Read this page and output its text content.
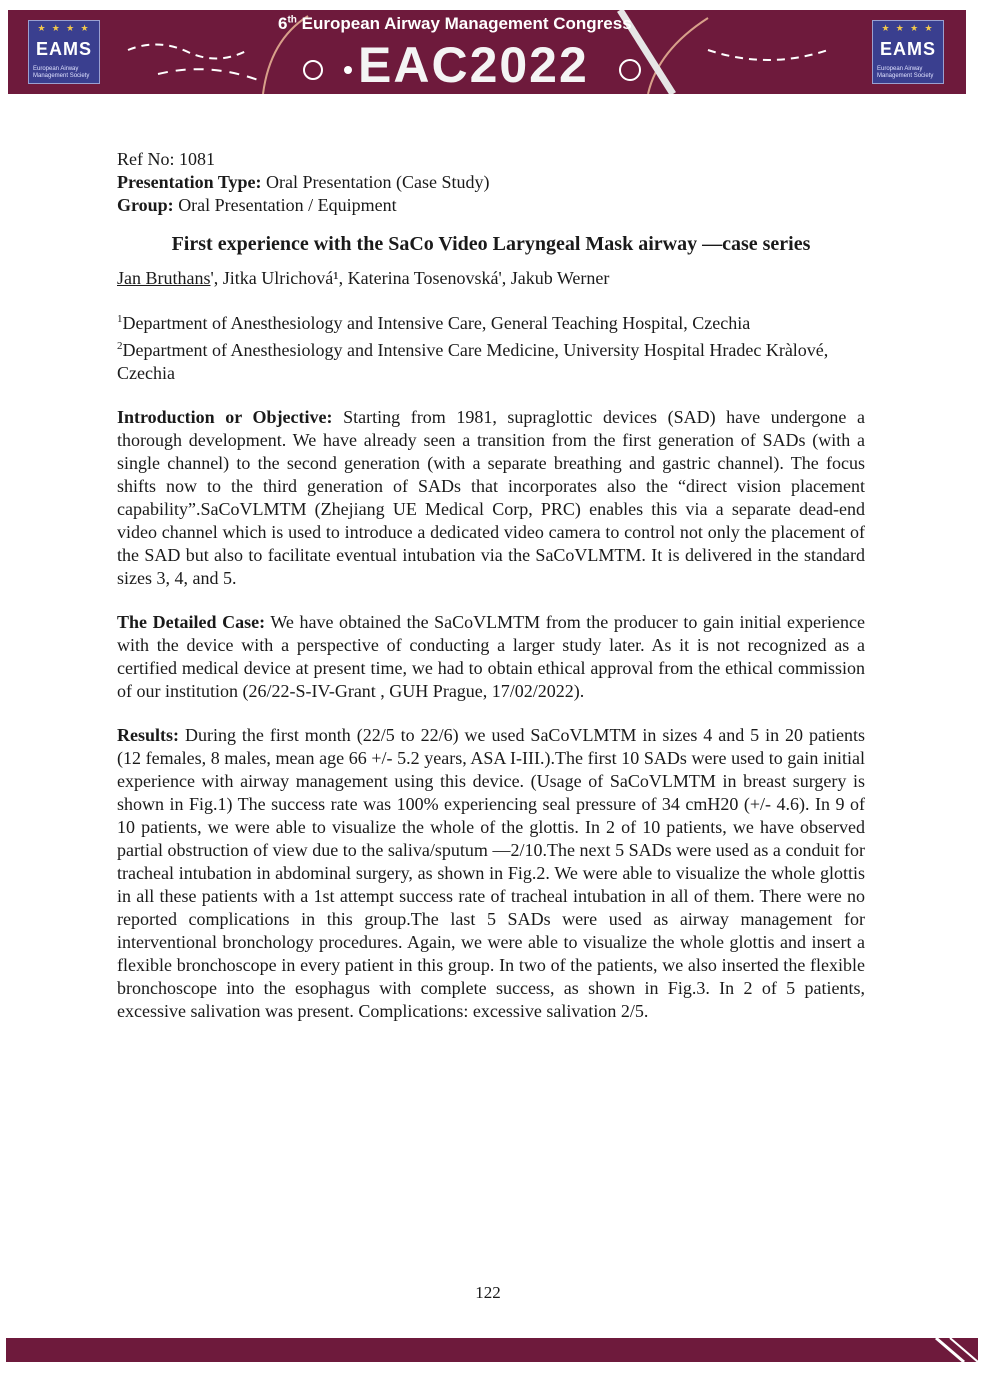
★ ★ ★ ★
EAMS
European Airway Management Society
6th European Airway Management Congress
EAC2022
★ ★ ★ ★
EAMS
European Airway Management Society

Ref No: 1081

Presentation Type: Oral Presentation (Case Study)

Group: Oral Presentation / Equipment

First experience with the SaCo Video Laryngeal Mask airway —case series

Jan Bruthans', Jitka Ulrichová¹, Katerina Tosenovská', Jakub Werner

$^1$Department of Anesthesiology and Intensive Care, General Teaching Hospital, Czechia

$^2$Department of Anesthesiology and Intensive Care Medicine, University Hospital Hradec Kràlové, Czechia

Introduction or Objective: Starting from 1981, supraglottic devices (SAD) have undergone a thorough development. We have already seen a transition from the first generation of SADs (with a single channel) to the second generation (with a separate breathing and gastric channel). The focus shifts now to the third generation of SADs that incorporates also the “direct vision placement capability”.SaCoVLMTM (Zhejiang UE Medical Corp, PRC) enables this via a separate dead-end video channel which is used to introduce a dedicated video camera to control not only the placement of the SAD but also to facilitate eventual intubation via the SaCoVLMTM. It is delivered in the standard sizes 3, 4, and 5.

The Detailed Case: We have obtained the SaCoVLMTM from the producer to gain initial experience with the device with a perspective of conducting a larger study later. As it is not recognized as a certified medical device at present time, we had to obtain ethical approval from the ethical commission of our institution (26/22-S-IV-Grant , GUH Prague, 17/02/2022).

Results: During the first month (22/5 to 22/6) we used SaCoVLMTM in sizes 4 and 5 in 20 patients (12 females, 8 males, mean age 66 +/- 5.2 years, ASA I-III.).The first 10 SADs were used to gain initial experience with airway management using this device. (Usage of SaCoVLMTM in breast surgery is shown in Fig.1) The success rate was 100% experiencing seal pressure of 34 cmH20 (+/- 4.6). In 9 of 10 patients, we were able to visualize the whole of the glottis. In 2 of 10 patients, we have observed partial obstruction of view due to the saliva/sputum —2/10.The next 5 SADs were used as a conduit for tracheal intubation in abdominal surgery, as shown in Fig.2. We were able to visualize the whole glottis in all these patients with a 1st attempt success rate of tracheal intubation in all of them. There were no reported complications in this group.The last 5 SADs were used as airway management for interventional bronchology procedures. Again, we were able to visualize the whole glottis and insert a flexible bronchoscope in every patient in this group. In two of the patients, we also inserted the flexible bronchoscope into the esophagus with complete success, as shown in Fig.3. In 2 of 5 patients, excessive salivation was present. Complications: excessive salivation 2/5.

122
